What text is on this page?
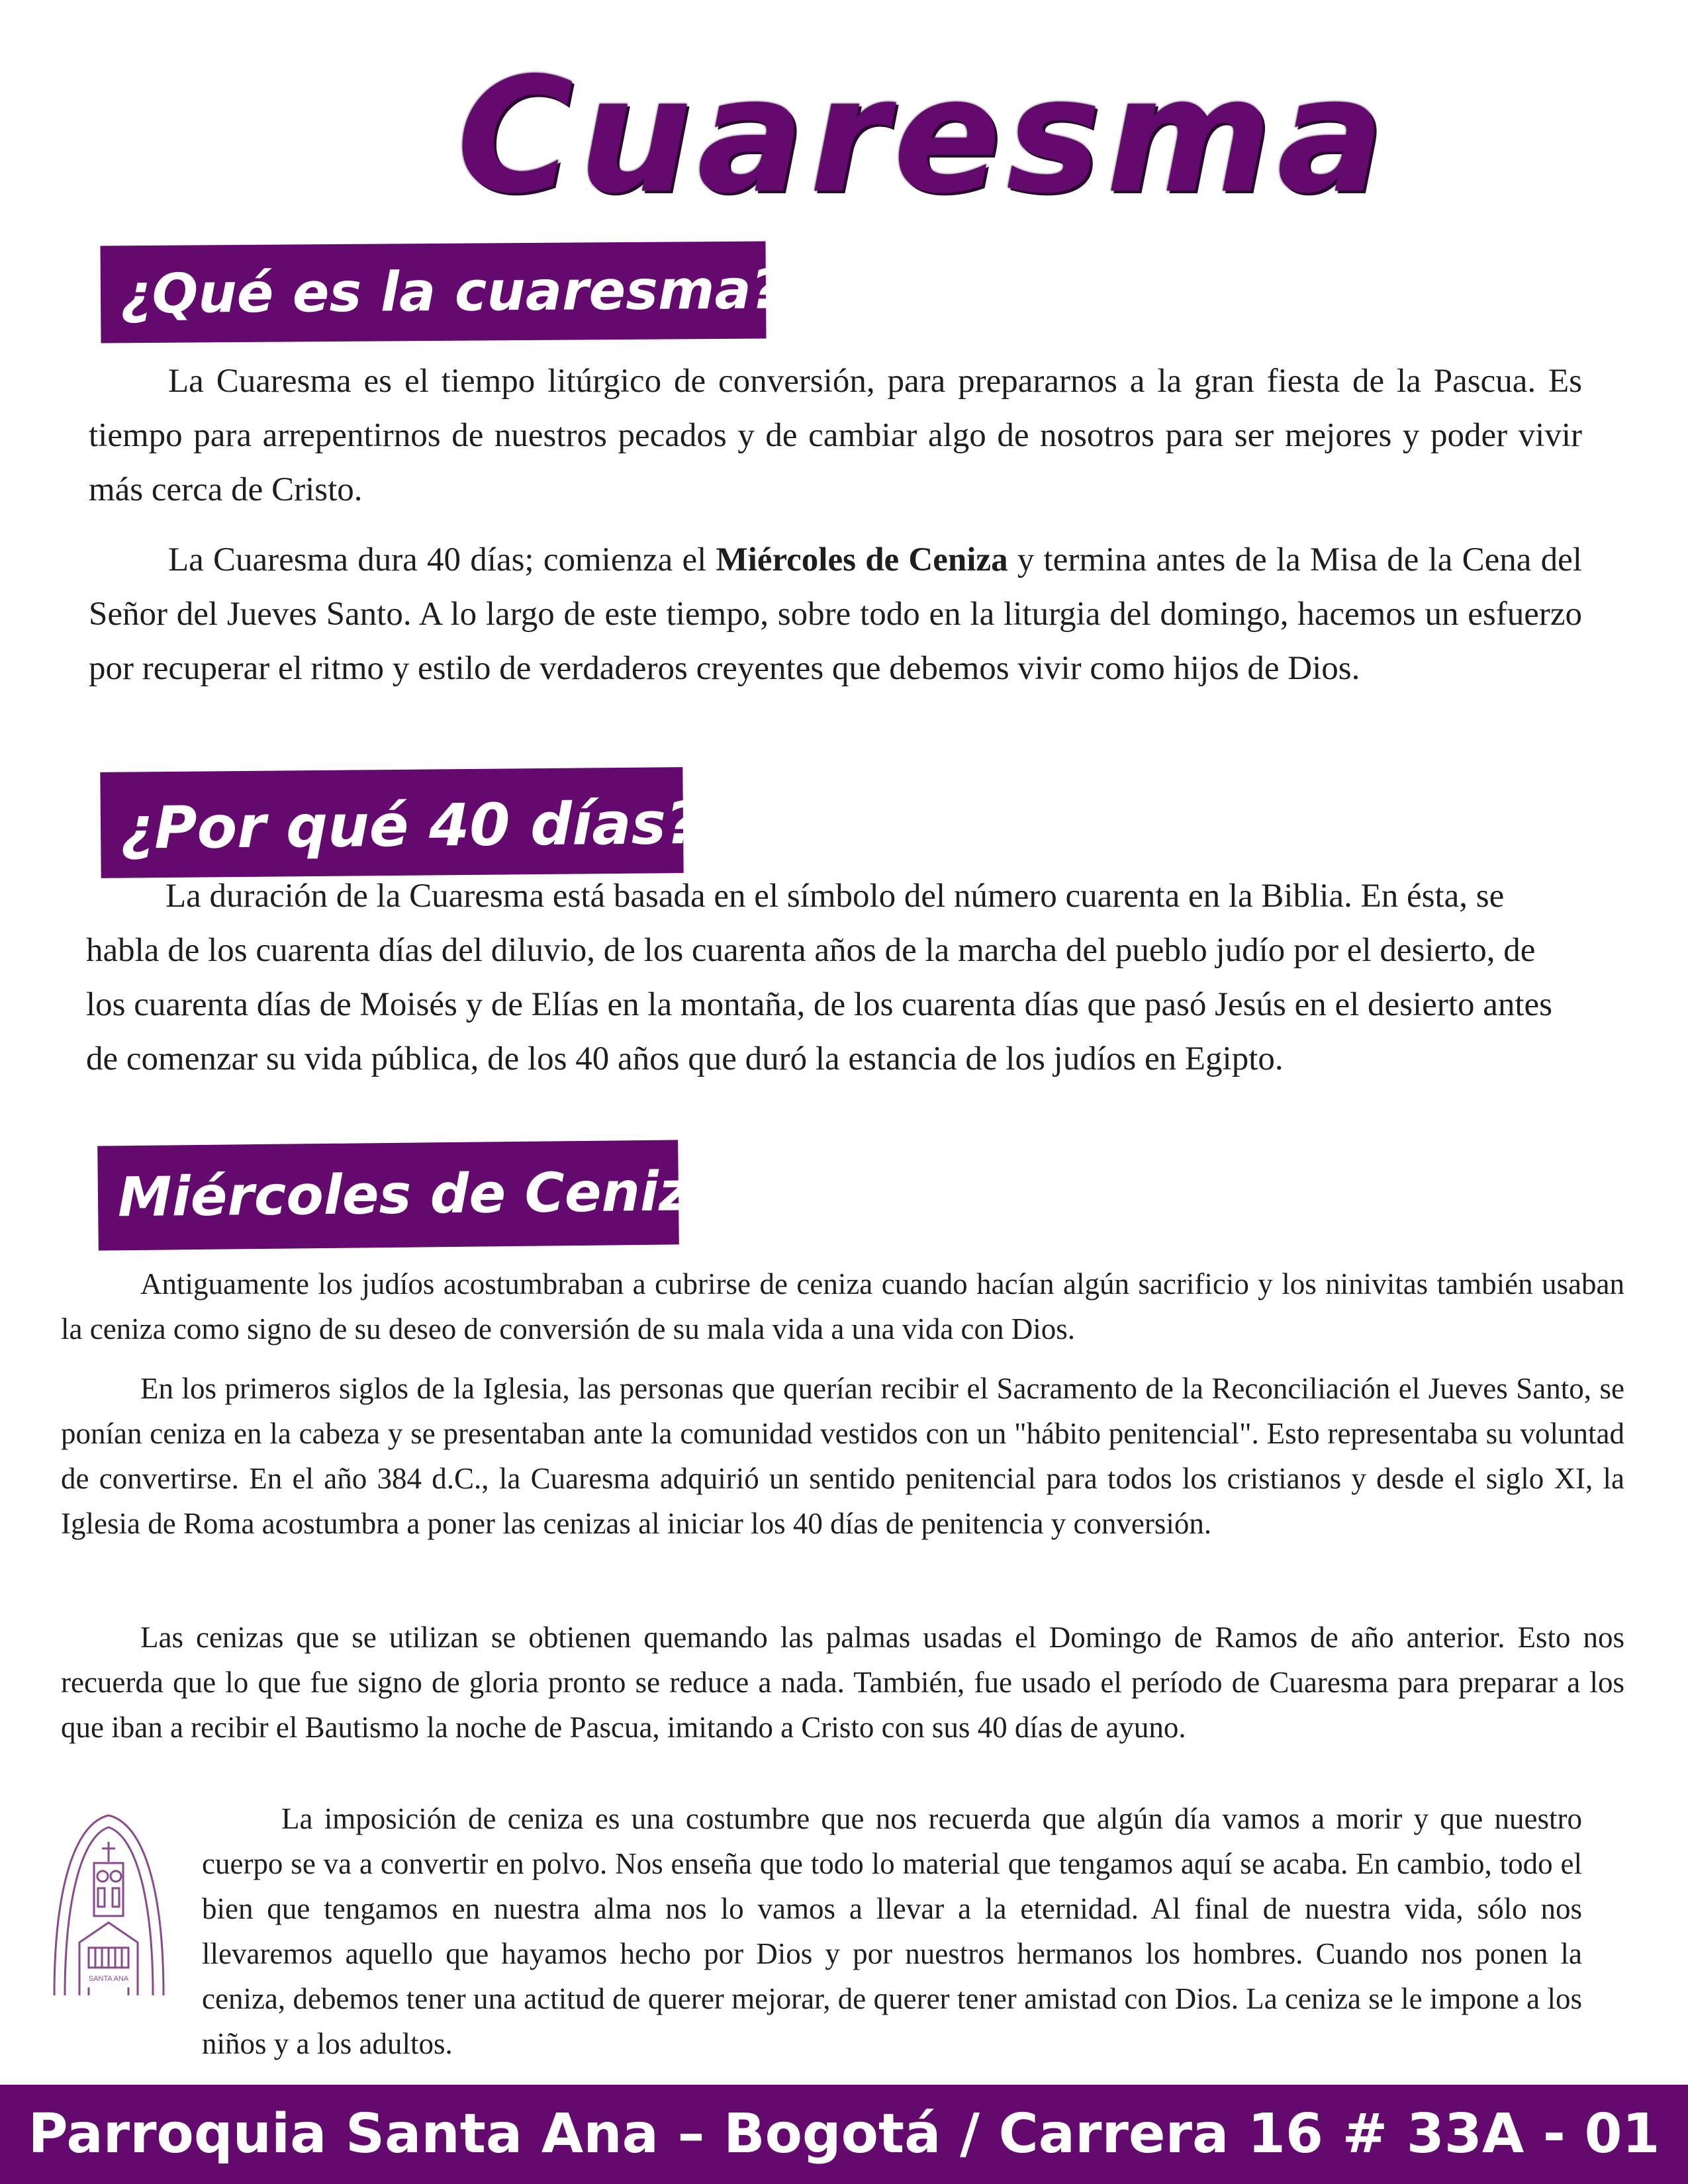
Cuaresma
¿Qué es la cuaresma?

La Cuaresma es el tiempo litúrgico de conversión, para prepararnos a la gran fiesta de la Pascua. Es tiempo para arrepentirnos de nuestros pecados y de cambiar algo de nosotros para ser mejores y poder vivir más cerca de Cristo.

La Cuaresma dura 40 días; comienza el Miércoles de Ceniza y termina antes de la Misa de la Cena del Señor del Jueves Santo. A lo largo de este tiempo, sobre todo en la liturgia del domingo, hacemos un esfuerzo por recuperar el ritmo y estilo de verdaderos creyentes que debemos vivir como hijos de Dios.

¿Por qué 40 días?

La duración de la Cuaresma está basada en el símbolo del número cuarenta en la Biblia. En ésta, se habla de los cuarenta días del diluvio, de los cuarenta años de la marcha del pueblo judío por el desierto, de los cuarenta días de Moisés y de Elías en la montaña, de los cuarenta días que pasó Jesús en el desierto antes de comenzar su vida pública, de los 40 años que duró la estancia de los judíos en Egipto.

Miércoles de Ceniza

Antiguamente los judíos acostumbraban a cubrirse de ceniza cuando hacían algún sacrificio y los ninivitas también usaban la ceniza como signo de su deseo de conversión de su mala vida a una vida con Dios.

En los primeros siglos de la Iglesia, las personas que querían recibir el Sacramento de la Reconciliación el Jueves Santo, se ponían ceniza en la cabeza y se presentaban ante la comunidad vestidos con un "hábito penitencial". Esto representaba su voluntad de convertirse. En el año 384 d.C., la Cuaresma adquirió un sentido penitencial para todos los cristianos y desde el siglo XI, la Iglesia de Roma acostumbra a poner las cenizas al iniciar los 40 días de penitencia y conversión.

Las cenizas que se utilizan se obtienen quemando las palmas usadas el Domingo de Ramos de año anterior. Esto nos recuerda que lo que fue signo de gloria pronto se reduce a nada. También, fue usado el período de Cuaresma para preparar a los que iban a recibir el Bautismo la noche de Pascua, imitando a Cristo con sus 40 días de ayuno.

La imposición de ceniza es una costumbre que nos recuerda que algún día vamos a morir y que nuestro cuerpo se va a convertir en polvo. Nos enseña que todo lo material que tengamos aquí se acaba. En cambio, todo el bien que tengamos en nuestra alma nos lo vamos a llevar a la eternidad. Al final de nuestra vida, sólo nos llevaremos aquello que hayamos hecho por Dios y por nuestros hermanos los hombres. Cuando nos ponen la ceniza, debemos tener una actitud de querer mejorar, de querer tener amistad con Dios. La ceniza se le impone a los niños y a los adultos.

SANTA ANA
Parroquia Santa Ana – Bogotá / Carrera 16 # 33A - 01
